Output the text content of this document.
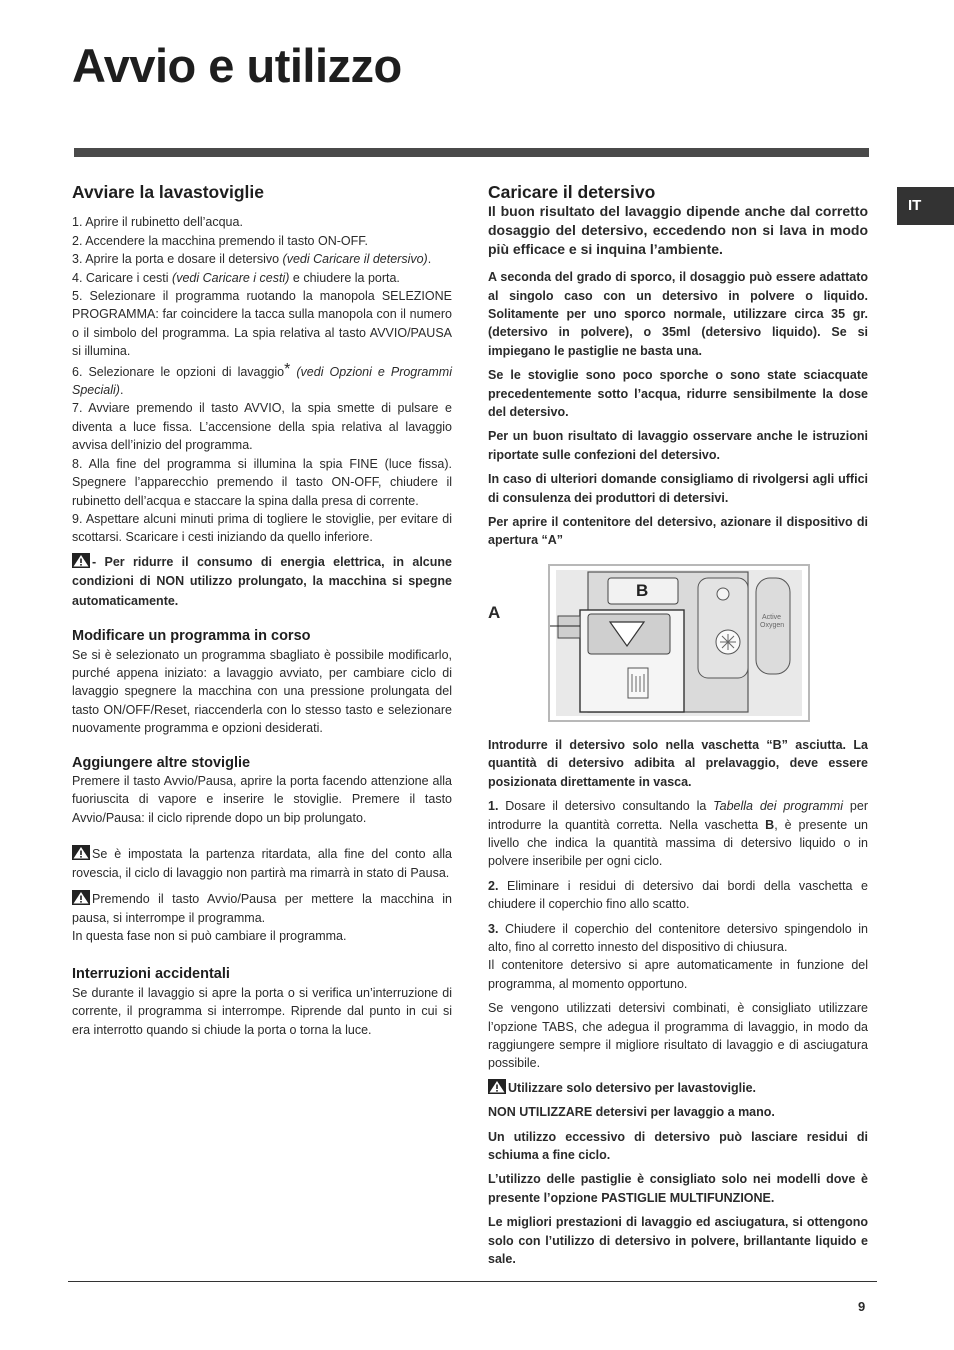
Avvio e utilizzo
IT
Avviare la lavastoviglie

1. Aprire il rubinetto dell’acqua.

2. Accendere la macchina premendo il tasto ON-OFF.

3. Aprire la porta e dosare il detersivo (vedi Caricare il detersivo).

4. Caricare i cesti (vedi Caricare i cesti) e chiudere la porta.

5. Selezionare il programma ruotando la manopola SELEZIONE PROGRAMMA: far coincidere la tacca sulla manopola con il numero o il simbolo del programma. La spia relativa al tasto AVVIO/PAUSA si illumina.

6. Selezionare le opzioni di lavaggio* (vedi Opzioni e Programmi Speciali).

7. Avviare premendo il tasto AVVIO, la spia smette di pulsare e diventa a luce fissa. L’accensione della spia relativa al lavaggio avvisa dell’inizio del programma.

8. Alla fine del programma si illumina la spia FINE (luce fissa). Spegnere l’apparecchio premendo il tasto ON-OFF, chiudere il rubinetto dell’acqua e staccare la spina dalla presa di corrente.

9. Aspettare alcuni minuti prima di togliere le stoviglie, per evitare di scottarsi. Scaricare i cesti iniziando da quello inferiore.

- Per ridurre il consumo di energia elettrica, in alcune condizioni di NON utilizzo prolungato, la macchina si spegne automaticamente.

Modificare un programma in corso

Se si è selezionato un programma sbagliato è possibile modificarlo, purché appena iniziato: a lavaggio avviato, per cambiare ciclo di lavaggio spegnere la macchina con una pressione prolungata del tasto ON/OFF/Reset, riaccenderla con lo stesso tasto e selezionare nuovamente programma e opzioni desiderati.

Aggiungere altre stoviglie

Premere il tasto Avvio/Pausa, aprire la porta facendo attenzione alla fuoriuscita di vapore e inserire le stoviglie. Premere il tasto Avvio/Pausa: il ciclo riprende dopo un bip prolungato.

Se è impostata la partenza ritardata, alla fine del conto alla rovescia, il ciclo di lavaggio non partirà ma rimarrà in stato di Pausa.

Premendo il tasto Avvio/Pausa per mettere la macchina in pausa, si interrompe il programma.

In questa fase non si può cambiare il programma.

Interruzioni accidentali

Se durante il lavaggio si apre la porta o si verifica un’interruzione di corrente, il programma si interrompe. Riprende dal punto in cui si era interrotto quando si chiude la porta o torna la luce.

Caricare il detersivo

Il buon risultato del lavaggio dipende anche dal corretto dosaggio del detersivo, eccedendo non si lava in modo più efficace e si inquina l’ambiente.

A seconda del grado di sporco, il dosaggio può essere adattato al singolo caso con un detersivo in polvere o liquido. Solitamente per uno sporco normale, utilizzare circa 35 gr. (detersivo in polvere), o 35ml (detersivo liquido). Se si impiegano le pastiglie ne basta una.

Se le stoviglie sono poco sporche o sono state sciacquate precedentemente sotto l’acqua, ridurre sensibilmente la dose del detersivo.

Per un buon risultato di lavaggio osservare anche le istruzioni riportate sulle confezioni del detersivo.

In caso di ulteriori domande consigliamo di rivolgersi agli uffici di consulenza dei produttori di detersivi.

Per aprire il contenitore del detersivo, azionare il dispositivo di apertura “A”

A
B
Active
Oxygen

Introdurre il detersivo solo nella vaschetta “B” asciutta. La quantità di detersivo adibita al prelavaggio, deve essere posizionata direttamente in vasca.

1. Dosare il detersivo consultando la Tabella dei programmi per introdurre la quantità corretta. Nella vaschetta B, è presente un livello che indica la quantità massima di detersivo liquido o in polvere inseribile per ogni ciclo.

2. Eliminare i residui di detersivo dai bordi della vaschetta e chiudere il coperchio fino allo scatto.

3. Chiudere il coperchio del contenitore detersivo spingendolo in alto, fino al corretto innesto del dispositivo di chiusura.

Il contenitore detersivo si apre automaticamente in funzione del programma, al momento opportuno.

Se vengono utilizzati detersivi combinati, è consigliato utilizzare l’opzione TABS, che adegua il programma di lavaggio, in modo da raggiungere sempre il migliore risultato di lavaggio e di asciugatura possibile.

Utilizzare solo detersivo per lavastoviglie.

NON UTILIZZARE detersivi per lavaggio a mano.

Un utilizzo eccessivo di detersivo può lasciare residui di schiuma a fine ciclo.

L’utilizzo delle pastiglie è consigliato solo nei modelli dove è presente l’opzione PASTIGLIE MULTIFUNZIONE.

Le migliori prestazioni di lavaggio ed asciugatura, si ottengono solo con l’utilizzo di detersivo in polvere, brillantante liquido e sale.

9
